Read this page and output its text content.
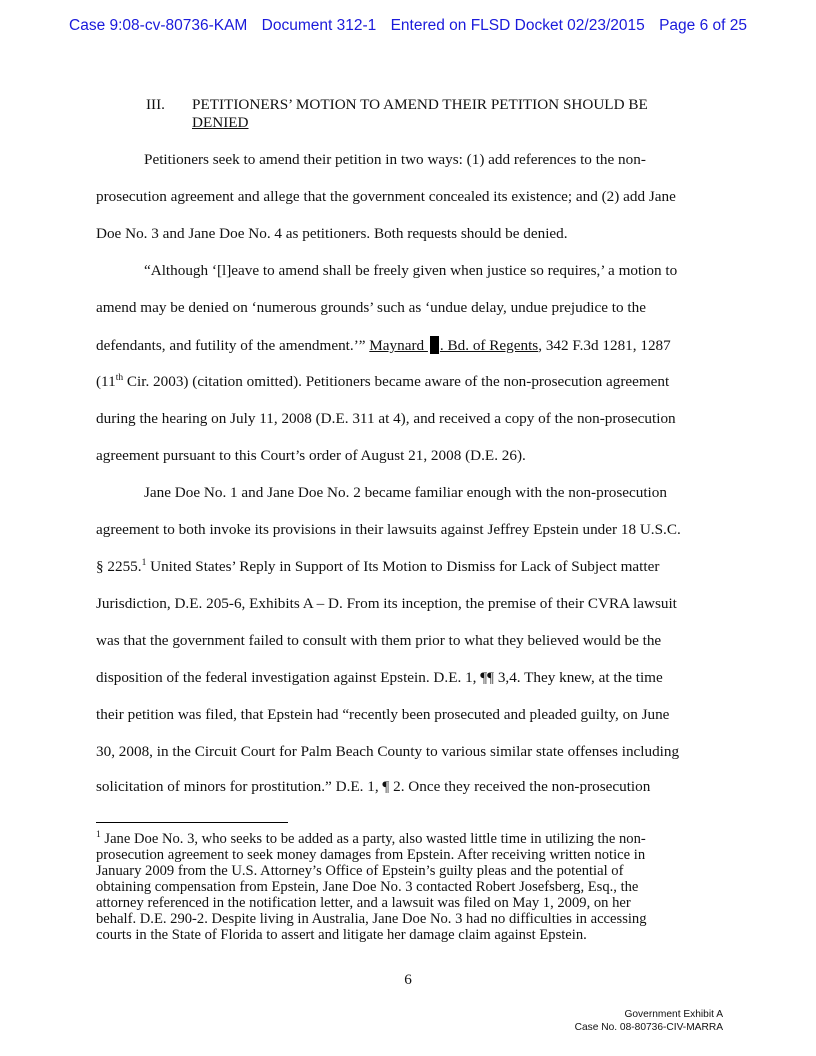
Case 9:08-cv-80736-KAM Document 312-1 Entered on FLSD Docket 02/23/2015 Page 6 of 25
III. PETITIONERS’ MOTION TO AMEND THEIR PETITION SHOULD BE
DENIED
Petitioners seek to amend their petition in two ways: (1) add references to the non-
prosecution agreement and allege that the government concealed its existence; and (2) add Jane
Doe No. 3 and Jane Doe No. 4 as petitioners. Both requests should be denied.
“Although ‘[l]eave to amend shall be freely given when justice so requires,’ a motion to
amend may be denied on ‘numerous grounds’ such as ‘undue delay, undue prejudice to the
defendants, and futility of the amendment.’” Maynard . Bd. of Regents, 342 F.3d 1281, 1287
(11th Cir. 2003) (citation omitted). Petitioners became aware of the non-prosecution agreement
during the hearing on July 11, 2008 (D.E. 311 at 4), and received a copy of the non-prosecution
agreement pursuant to this Court’s order of August 21, 2008 (D.E. 26).
Jane Doe No. 1 and Jane Doe No. 2 became familiar enough with the non-prosecution
agreement to both invoke its provisions in their lawsuits against Jeffrey Epstein under 18 U.S.C.
§ 2255.$^1$ United States’ Reply in Support of Its Motion to Dismiss for Lack of Subject matter
Jurisdiction, D.E. 205-6, Exhibits A – D. From its inception, the premise of their CVRA lawsuit
was that the government failed to consult with them prior to what they believed would be the
disposition of the federal investigation against Epstein. D.E. 1, ¶¶ 3,4. They knew, at the time
their petition was filed, that Epstein had “recently been prosecuted and pleaded guilty, on June
30, 2008, in the Circuit Court for Palm Beach County to various similar state offenses including
solicitation of minors for prostitution.” D.E. 1, ¶ 2. Once they received the non-prosecution
$^1$ Jane Doe No. 3, who seeks to be added as a party, also wasted little time in utilizing the non-
prosecution agreement to seek money damages from Epstein. After receiving written notice in
January 2009 from the U.S. Attorney’s Office of Epstein’s guilty pleas and the potential of
obtaining compensation from Epstein, Jane Doe No. 3 contacted Robert Josefsberg, Esq., the
attorney referenced in the notification letter, and a lawsuit was filed on May 1, 2009, on her
behalf. D.E. 290-2. Despite living in Australia, Jane Doe No. 3 had no difficulties in accessing
courts in the State of Florida to assert and litigate her damage claim against Epstein.
6
Government Exhibit A
Case No. 08-80736-CIV-MARRA
